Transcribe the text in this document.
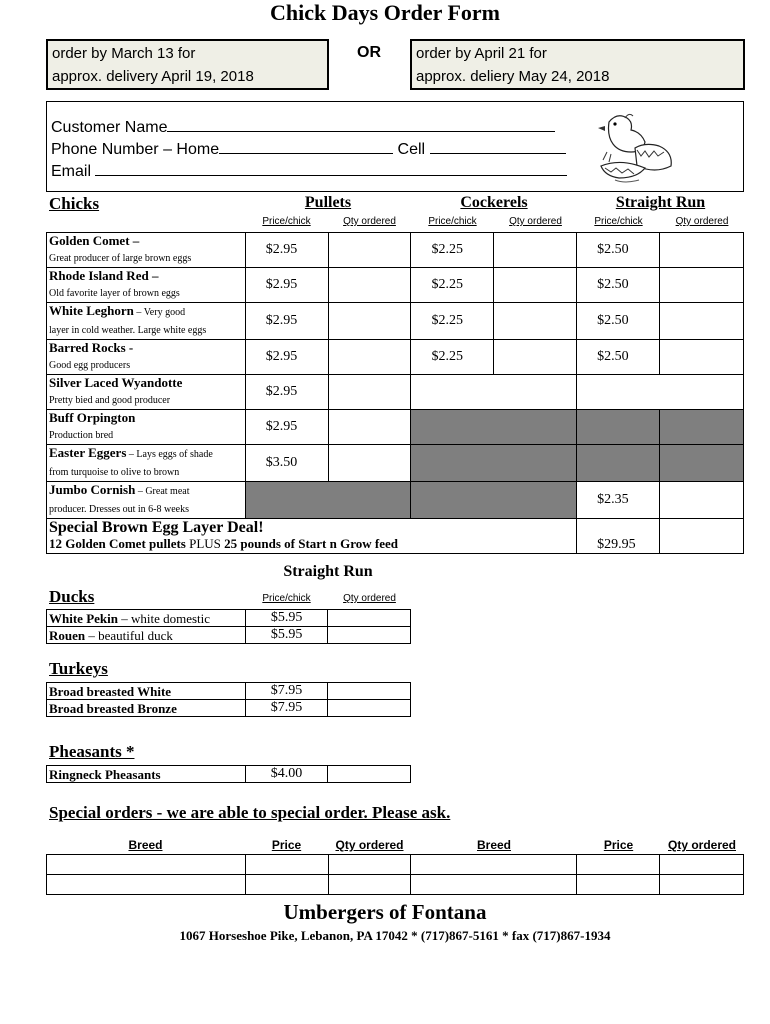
Chick Days Order Form
order by March 13 for
approx. delivery April 19, 2018
OR order by April 21 for
approx. deliery May 24, 2018
Customer Name
Phone Number – Home	Cell
Email
Chicks	Pullets	Cockerels	Straight Run
Price/chick	Qty ordered	Price/chick	Qty ordered	Price/chick	Qty ordered
Golden Comet –
Great producer of large brown eggs	$2.95		$2.25		$2.50	
Rhode Island Red –
Old favorite layer of brown eggs	$2.95		$2.25		$2.50	
White Leghorn – Very good
layer in cold weather. Large white eggs	$2.95		$2.25		$2.50	
Barred Rocks -
Good egg producers	$2.95		$2.25		$2.50	
Silver Laced Wyandotte
Pretty bied and good producer	$2.95					
Buff Orpington
Production bred	$2.95					
Easter Eggers – Lays eggs of shade
from turquoise to olive to brown	$3.50					
Jumbo Cornish – Great meat
producer. Dresses out in 6-8 weeks					$2.35	

Special Brown Egg Layer Deal!
12 Golden Comet pullets PLUS 25 pounds of Start n Grow feed					$29.95	
Straight Run
Ducks	Price/chick	Qty ordered
White Pekin – white domestic	$5.95	
Rouen – beautiful duck	$5.95	
Turkeys
Broad breasted White	$7.95	
Broad breasted Bronze	$7.95	
Pheasants *
Ringneck Pheasants	$4.00	
Special orders - we are able to special order. Please ask.
Breed	Price	Qty ordered	Breed	Price	Qty ordered

Umbergers of Fontana
1067 Horseshoe Pike, Lebanon, PA 17042 * (717)867-5161 * fax (717)867-1934
